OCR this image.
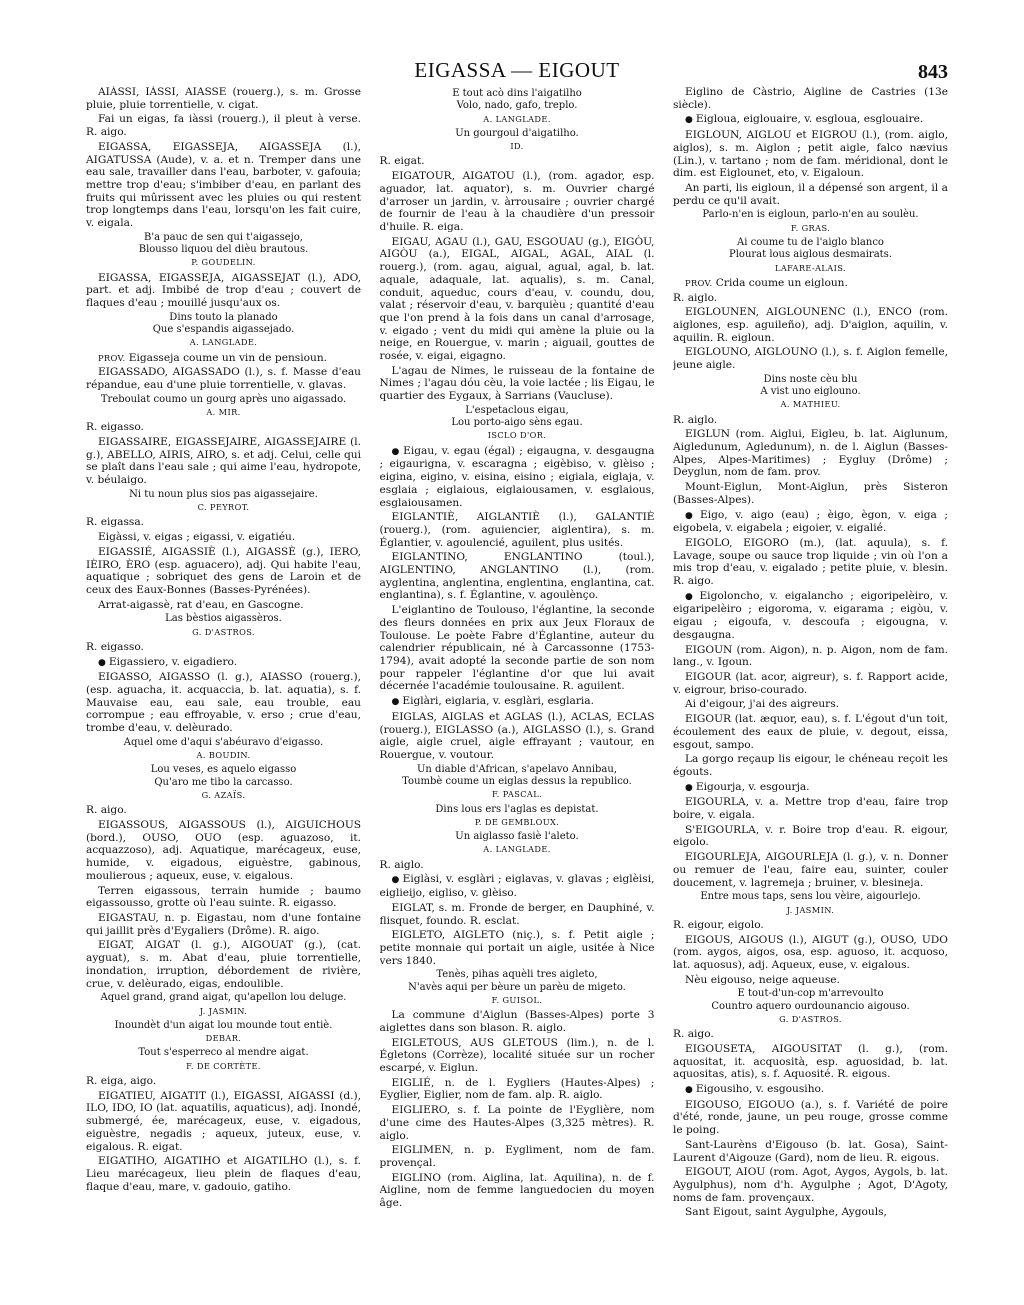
EIGASSA — EIGOUT	843
AIÀSSI, IÀSSI, AIASSE (rouerg.), s. m. Grosse pluie, pluie torrentielle, v. cigat.
Fai un eigas, fa iàssi (rouerg.), il pleut à verse. R. aigo.
EIGASSA, EIGASSEJA, AIGASSEJA (l.), AIGATUSSA (Aude), v. a. et n. Tremper dans une eau sale, travailler dans l'eau, barboter, v. gafouia; mettre trop d'eau; s'imbiber d'eau, en parlant des fruits qui mûrissent avec les pluies ou qui restent trop longtemps dans l'eau, lorsqu'on les fait cuire, v. eigala.
B'a pauc de sen qui t'aigassejo,
Blousso liquou del dièu brautous.
P. GOUDELIN.
EIGASSA, EIGASSEJA, AIGASSEJAT (l.), ADO, part. et adj. Imbibé de trop d'eau ; couvert de flaques d'eau ; mouillé jusqu'aux os.
Dins touto la planado
Que s'espandis aigassejado.
A. LANGLADE.
PROV. Eigasseja coume un vin de pensioun.
EIGASSADO, AIGASSADO (l.), s. f. Masse d'eau répandue, eau d'une pluie torrentielle, v. glavas.
Treboulat coumo un gourg après uno aigassado.
A. MIR.
R. eigasso.
EIGASSAIRE, EIGASSEJAIRE, AIGASSEJAIRE (l. g.), ABELLO, AIRIS, AIRO, s. et adj. Celui, celle qui se plaît dans l'eau sale ; qui aime l'eau, hydropote, v. béulaigo.
Ni tu noun plus sios pas aigassejaire.
C. PEYROT.
R. eigassa.
Eigàssi, v. eigas ; eigassi, v. eigatiéu.
EIGASSIÉ, AIGASSIÈ (l.), AIGASSÈ (g.), IERO, IÈIRO, ÈRO (esp. aguacero), adj. Qui habite l'eau, aquatique ; sobriquet des gens de Laroin et de ceux des Eaux-Bonnes (Basses-Pyrénées).
Arrat-aigassè, rat d'eau, en Gascogne.
Las bèstios aigassèros.
G. D'ASTROS.
R. eigasso.
● Eigassiero, v. eigadiero.
EIGASSO, AIGASSO (l. g.), AIASSO (rouerg.), (esp. aguacha, it. acquaccia, b. lat. aquatia), s. f. Mauvaise eau, eau sale, eau trouble, eau corrompue ; eau effroyable, v. erso ; crue d'eau, trombe d'eau, v. delèurado.
Aquel ome d'aqui s'abéuravo d'eigasso.
A. BOUDIN.
Lou veses, es aquelo eigasso
Qu'aro me tibo la carcasso.
G. AZAÏS.
R. aigo.
EIGASSOUS, AIGASSOUS (l.), AIGUICHOUS (bord.), OUSO, OUO (esp. aguazoso, it. acquazzoso), adj. Aquatique, marécageux, euse, humide, v. eigadous, eiguèstre, gabinous, moulierous ; aqueux, euse, v. eigalous.
Terren eigassous, terrain humide ; baumo eigassousso, grotte où l'eau suinte. R. eigasso.
EIGASTAU, n. p. Eigastau, nom d'une fontaine qui jaillit près d'Eygaliers (Drôme). R. aigo.
EIGAT, AIGAT (l. g.), AIGOUAT (g.), (cat. ayguat), s. m. Abat d'eau, pluie torrentielle, inondation, irruption, débordement de rivière, crue, v. delèurado, eigas, endoulible.
Aquel grand, grand aigat, qu'apellon lou deluge.
J. JASMIN.
Inoundèt d'un aigat lou mounde tout entiè.
DEBAR.
Tout s'esperreco al mendre aigat.
F. DE CORTÈTE.
R. eiga, aigo.
EIGATIEU, AIGATIT (l.), EIGASSI, AIGASSI (d.), ILO, IDO, IO (lat. aquatilis, aquaticus), adj. Inondé, submergé, ée, marécageux, euse, v. eigadous, eiguèstre, negadis ; aqueux, juteux, euse, v. eigalous. R. eigat.
EIGATIHO, AIGATIHO et AIGATILHO (l.), s. f. Lieu marécageux, lieu plein de flaques d'eau, flaque d'eau, mare, v. gadouio, gatiho.
E tout acò dins l'aigatilho
Volo, nado, gafo, treplo.
A. LANGLADE.
Un gourgoul d'aigatilho.
ID.
R. eigat.
EIGATOUR, AIGATOU (l.), (rom. agador, esp. aguador, lat. aquator), s. m. Ouvrier chargé d'arroser un jardin, v. àrrousaire ; ouvrier chargé de fournir de l'eau à la chaudière d'un pressoir d'huile. R. eiga.
EIGAU, AGAU (l.), GAU, ESGOUAU (g.), EIGÒU, AIGÒU (a.), EIGAL, AIGAL, AGAL, AIAL (l. rouerg.), (rom. agau, aigual, agual, agal, b. lat. aquale, adaquale, lat. aqualis), s. m. Canal, conduit, aqueduc, cours d'eau, v. coundu, dou, valat ; réservoir d'eau, v. barquièu ; quantité d'eau que l'on prend à la fois dans un canal d'arrosage, v. eigado ; vent du midi qui amène la pluie ou la neige, en Rouergue, v. marin ; aiguail, gouttes de rosée, v. eigai, eigagno.
L'agau de Nimes, le ruisseau de la fontaine de Nimes ; l'agau dóu cèu, la voie lactée ; lis Eigau, le quartier des Eygaux, à Sarrians (Vaucluse).
L'espetaclous eigau,
Lou porto-aigo sèns egau.
ISCLO D'OR.
● Eigau, v. egau (égal) ; eigaugna, v. desgaugna ; eigaurigna, v. escaragna ; eigèbiso, v. glèiso ; eigina, eigino, v. eisina, eisino ; eigiala, eiglaja, v. esglaia ; eiglaious, eiglaiousamen, v. esglaious, esglaiousamen.
EIGLANTIÈ, AIGLANTIÈ (l.), GALANTIÈ (rouerg.), (rom. aguiencier, aiglentira), s. m. Églantier, v. agoulencié, aguilent, plus usités.
EIGLANTINO, ENGLANTINO (toul.), AIGLENTINO, ANGLANTINO (l.), (rom. ayglentina, anglentina, englentina, englantina, cat. englantina), s. f. Églantine, v. agoulènço.
L'eiglantino de Toulouso, l'églantine, la seconde des fleurs données en prix aux Jeux Floraux de Toulouse. Le poète Fabre d'Églantine, auteur du calendrier républicain, né à Carcassonne (1753-1794), avait adopté la seconde partie de son nom pour rappeler l'églantine d'or que lui avait décernée l'académie toulousaine. R. aguilent.
● Eiglàri, eiglaria, v. esglàri, esglaria.
EIGLAS, AIGLAS et AGLAS (l.), ACLAS, ECLAS (rouerg.), EIGLASSO (a.), AIGLASSO (l.), s. Grand aigle, aigle cruel, aigle effrayant ; vautour, en Rouergue, v. voutour.
Un diable d'African, s'apelavo Annibau,
Toumbè coume un eiglas dessus la republico.
F. PASCAL.
Dins lous ers l'aglas es depistat.
P. DE GEMBLOUX.
Un aiglasso fasiè l'aleto.
A. LANGLADE.
R. aiglo.
● Eiglàsi, v. esglàri ; eiglavas, v. glavas ; eiglèisi, eiglieijo, eigliso, v. glèiso.
EIGLAT, s. m. Fronde de berger, en Dauphiné, v. flisquet, foundo. R. esclat.
EIGLETO, AIGLETO (niç.), s. f. Petit aigle ; petite monnaie qui portait un aigle, usitée à Nice vers 1840.
Tenès, pihas aquèli tres aigleto,
N'avès aqui per bèure un parèu de migeto.
F. GUISOL.
La commune d'Aiglun (Basses-Alpes) porte 3 aiglettes dans son blason. R. aiglo.
EIGLETOUS, AUS GLETOUS (lim.), n. de l. Égletons (Corrèze), localité située sur un rocher escarpé, v. Eiglun.
EIGLIÉ, n. de l. Eygliers (Hautes-Alpes) ; Eyglier, Eiglier, nom de fam. alp. R. aiglo.
EIGLIERO, s. f. La pointe de l'Eyglière, nom d'une cime des Hautes-Alpes (3,325 mètres). R. aiglo.
EIGLIMEN, n. p. Eygliment, nom de fam. provençal.
EIGLINO (rom. Aiglina, lat. Aquilina), n. de f. Aigline, nom de femme languedocien du moyen âge.
Eiglino de Càstrio, Aigline de Castries (13e siècle).
● Eigloua, eiglouaire, v. esgloua, esglouaire.
EIGLOUN, AIGLOU et EIGROU (l.), (rom. aiglo, aiglos), s. m. Aiglon ; petit aigle, falco nævius (Lin.), v. tartano ; nom de fam. méridional, dont le dim. est Eiglounet, eto, v. Eigaloun.
An parti, lis eigloun, il a dépensé son argent, il a perdu ce qu'il avait.
Parlo-n'en is eigloun, parlo-n'en au soulèu.
F. GRAS.
Ai coume tu de l'aiglo blanco
Plourat lous aiglous desmairats.
LAFARE-ALAIS.
PROV. Crida coume un eigloun.
R. aiglo.
EIGLOUNEN, AIGLOUNENC (l.), ENCO (rom. aiglones, esp. aguileño), adj. D'aiglon, aquilin, v. aquilin. R. eigloun.
EIGLOUNO, AIGLOUNO (l.), s. f. Aiglon femelle, jeune aigle.
Dins noste cèu blu
A vist uno eiglouno.
A. MATHIEU.
R. aiglo.
EIGLUN (rom. Aiglui, Eigleu, b. lat. Aiglunum, Aigledunum, Agledunum), n. de l. Aiglun (Basses-Alpes, Alpes-Maritimes) ; Eygluy (Drôme) ; Deyglun, nom de fam. prov.
Mount-Eiglun, Mont-Aiglun, près Sisteron (Basses-Alpes).
● Eigo, v. aigo (eau) ; èigo, ègon, v. eiga ; eigobela, v. eigabela ; eigoier, v. eigalié.
EIGOLO, EIGORO (m.), (lat. aquula), s. f. Lavage, soupe ou sauce trop liquide ; vin où l'on a mis trop d'eau, v. eigalado ; petite pluie, v. blesin. R. aigo.
● Eigoloncho, v. eigalancho ; eigoripelèiro, v. eigaripelèiro ; eigoroma, v. eigarama ; eigòu, v. eigau ; eigoufa, v. descoufa ; eigougna, v. desgaugna.
EIGOUN (rom. Aigon), n. p. Aigon, nom de fam. lang., v. Igoun.
EIGOUR (lat. acor, aigreur), s. f. Rapport acide, v. eigrour, briso-courado.
Ai d'eigour, j'ai des aigreurs.
EIGOUR (lat. æquor, eau), s. f. L'égout d'un toit, écoulement des eaux de pluie, v. degout, eissa, esgout, sampo.
La gorgo reçaup lis eigour, le chéneau reçoit les égouts.
● Eigourja, v. esgourja.
EIGOURLA, v. a. Mettre trop d'eau, faire trop boire, v. eigala.
S'EIGOURLA, v. r. Boire trop d'eau. R. eigour, eigolo.
EIGOURLEJA, AIGOURLEJA (l. g.), v. n. Donner ou remuer de l'eau, faire eau, suinter, couler doucement, v. lagremeja ; bruiner, v. blesineja.
Entre mous taps, sens lou vèire, aigourlejo.
J. JASMIN.
R. eigour, eigolo.
EIGOUS, AIGOUS (l.), AIGUT (g.), OUSO, UDO (rom. aygos, aigos, osa, esp. aguoso, it. acquoso, lat. aquosus), adj. Aqueux, euse, v. eigalous.
Nèu eigouso, neige aqueuse.
E tout-d'un-cop m'arrevoulto
Countro aquero ourdounancio aigouso.
G. D'ASTROS.
R. aigo.
EIGOUSETA, AIGOUSITAT (l. g.), (rom. aquositat, it. acquosità, esp. aguosidad, b. lat. aquositas, atis), s. f. Aquosité. R. eigous.
● Eigousiho, v. esgousiho.
EIGOUSO, EIGOUO (a.), s. f. Variété de poire d'été, ronde, jaune, un peu rouge, grosse comme le poing.
Sant-Laurèns d'Eigouso (b. lat. Gosa), Saint-Laurent d'Aigouze (Gard), nom de lieu. R. eigous.
EIGOUT, AIOU (rom. Agot, Aygos, Aygols, b. lat. Aygulphus), nom d'h. Aygulphe ; Agot, D'Agoty, noms de fam. provençaux.
Sant Eigout, saint Aygulphe, Aygouls,
